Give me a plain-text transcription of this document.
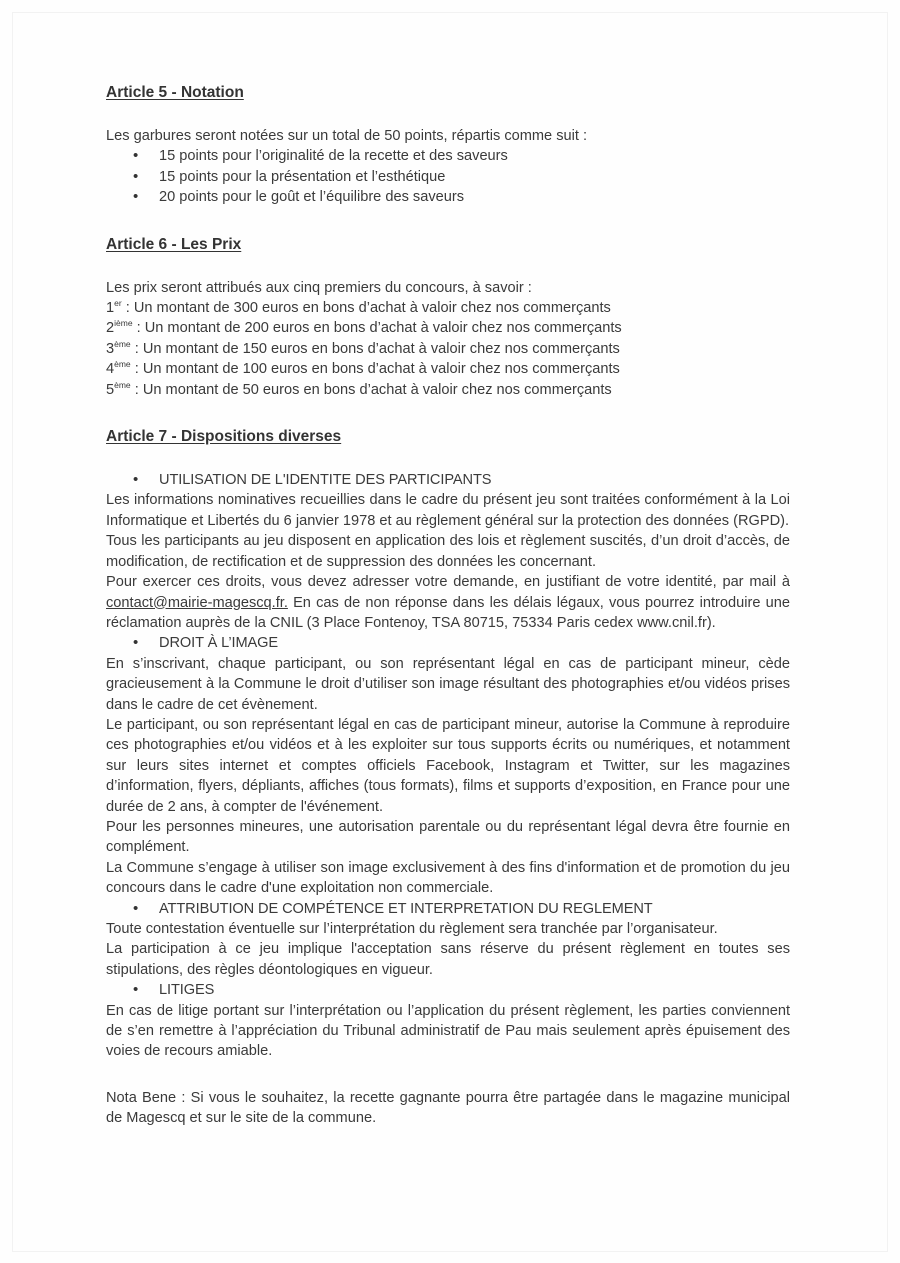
Article 5 - Notation

Les garbures seront notées sur un total de 50 points, répartis comme suit :

• 15 points pour l’originalité de la recette et des saveurs
• 15 points pour la présentation et l’esthétique
• 20 points pour le goût et l’équilibre des saveurs
Article 6 - Les Prix

Les prix seront attribués aux cinq premiers du concours, à savoir :

1er : Un montant de 300 euros en bons d’achat à valoir chez nos commerçants

2ième : Un montant de 200 euros en bons d’achat à valoir chez nos commerçants

3ème : Un montant de 150 euros en bons d’achat à valoir chez nos commerçants

4ème : Un montant de 100 euros en bons d’achat à valoir chez nos commerçants

5ème : Un montant de 50 euros en bons d’achat à valoir chez nos commerçants

Article 7 - Dispositions diverses
• UTILISATION DE L'IDENTITE DES PARTICIPANTS

Les informations nominatives recueillies dans le cadre du présent jeu sont traitées conformément à la Loi Informatique et Libertés du 6 janvier 1978 et au règlement général sur la protection des données (RGPD).

Tous les participants au jeu disposent en application des lois et règlement suscités, d’un droit d’accès, de modification, de rectification et de suppression des données les concernant.

Pour exercer ces droits, vous devez adresser votre demande, en justifiant de votre identité, par mail à contact@mairie-magescq.fr. En cas de non réponse dans les délais légaux, vous pourrez introduire une réclamation auprès de la CNIL (3 Place Fontenoy, TSA 80715, 75334 Paris cedex www.cnil.fr).

• DROIT À L’IMAGE

En s’inscrivant, chaque participant, ou son représentant légal en cas de participant mineur, cède gracieusement à la Commune le droit d’utiliser son image résultant des photographies et/ou vidéos prises dans le cadre de cet évènement.

Le participant, ou son représentant légal en cas de participant mineur, autorise la Commune à reproduire ces photographies et/ou vidéos et à les exploiter sur tous supports écrits ou numériques, et notamment sur leurs sites internet et comptes officiels Facebook, Instagram et Twitter, sur les magazines d’information, flyers, dépliants, affiches (tous formats), films et supports d’exposition, en France pour une durée de 2 ans, à compter de l'événement.

Pour les personnes mineures, une autorisation parentale ou du représentant légal devra être fournie en complément.

La Commune s’engage à utiliser son image exclusivement à des fins d'information et de promotion du jeu concours dans le cadre d'une exploitation non commerciale.

• ATTRIBUTION DE COMPÉTENCE ET INTERPRETATION DU REGLEMENT

Toute contestation éventuelle sur l’interprétation du règlement sera tranchée par l’organisateur.

La participation à ce jeu implique l'acceptation sans réserve du présent règlement en toutes ses stipulations, des règles déontologiques en vigueur.

• LITIGES

En cas de litige portant sur l’interprétation ou l’application du présent règlement, les parties conviennent de s’en remettre à l’appréciation du Tribunal administratif de Pau mais seulement après épuisement des voies de recours amiable.

Nota Bene : Si vous le souhaitez, la recette gagnante pourra être partagée dans le magazine municipal de Magescq et sur le site de la commune.
